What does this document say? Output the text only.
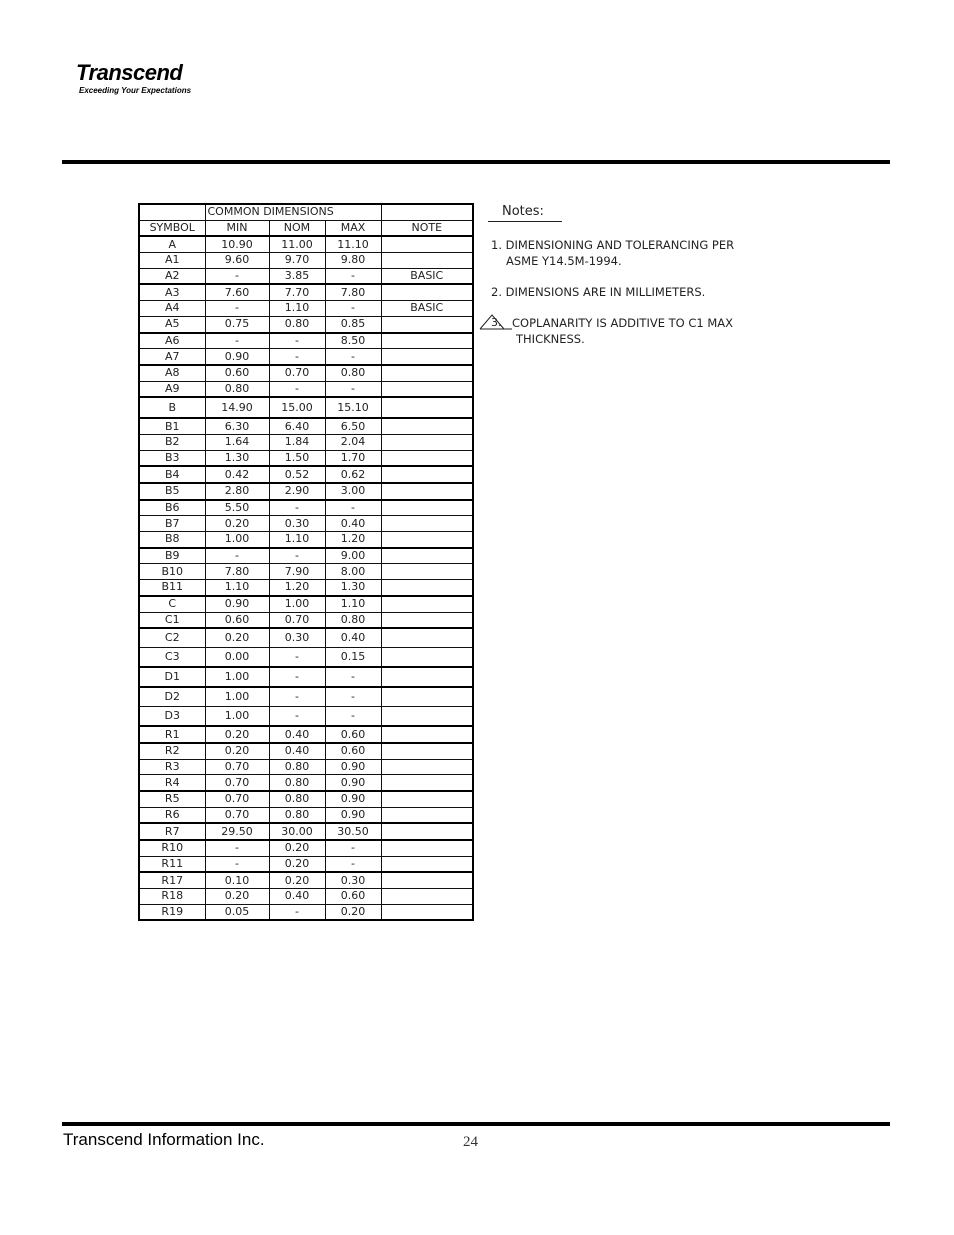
Transcend
Exceeding Your Expectations
	COMMON DIMENSIONS			
SYMBOL	MIN	NOM	MAX	NOTE
A	10.90	11.00	11.10	
A1	9.60	9.70	9.80	
A2	-	3.85	-	BASIC
A3	7.60	7.70	7.80	
A4	-	1.10	-	BASIC
A5	0.75	0.80	0.85	
A6	-	-	8.50	
A7	0.90	-	-	
A8	0.60	0.70	0.80	
A9	0.80	-	-	
B	14.90	15.00	15.10	
B1	6.30	6.40	6.50	
B2	1.64	1.84	2.04	
B3	1.30	1.50	1.70	
B4	0.42	0.52	0.62	
B5	2.80	2.90	3.00	
B6	5.50	-	-	
B7	0.20	0.30	0.40	
B8	1.00	1.10	1.20	
B9	-	-	9.00	
B10	7.80	7.90	8.00	
B11	1.10	1.20	1.30	
C	0.90	1.00	1.10	
C1	0.60	0.70	0.80	
C2	0.20	0.30	0.40	
C3	0.00	-	0.15	
D1	1.00	-	-	
D2	1.00	-	-	
D3	1.00	-	-	
R1	0.20	0.40	0.60	
R2	0.20	0.40	0.60	
R3	0.70	0.80	0.90	
R4	0.70	0.80	0.90	
R5	0.70	0.80	0.90	
R6	0.70	0.80	0.90	
R7	29.50	30.00	30.50	
R10	-	0.20	-	
R11	-	0.20	-	
R17	0.10	0.20	0.30	
R18	0.20	0.40	0.60	
R19	0.05	-	0.20	
Notes:
1. DIMENSIONING AND TOLERANCING PER
ASME Y14.5M-1994.
2. DIMENSIONS ARE IN MILLIMETERS.
3. COPLANARITY IS ADDITIVE TO C1 MAX
THICKNESS.
Transcend Information Inc.	24
